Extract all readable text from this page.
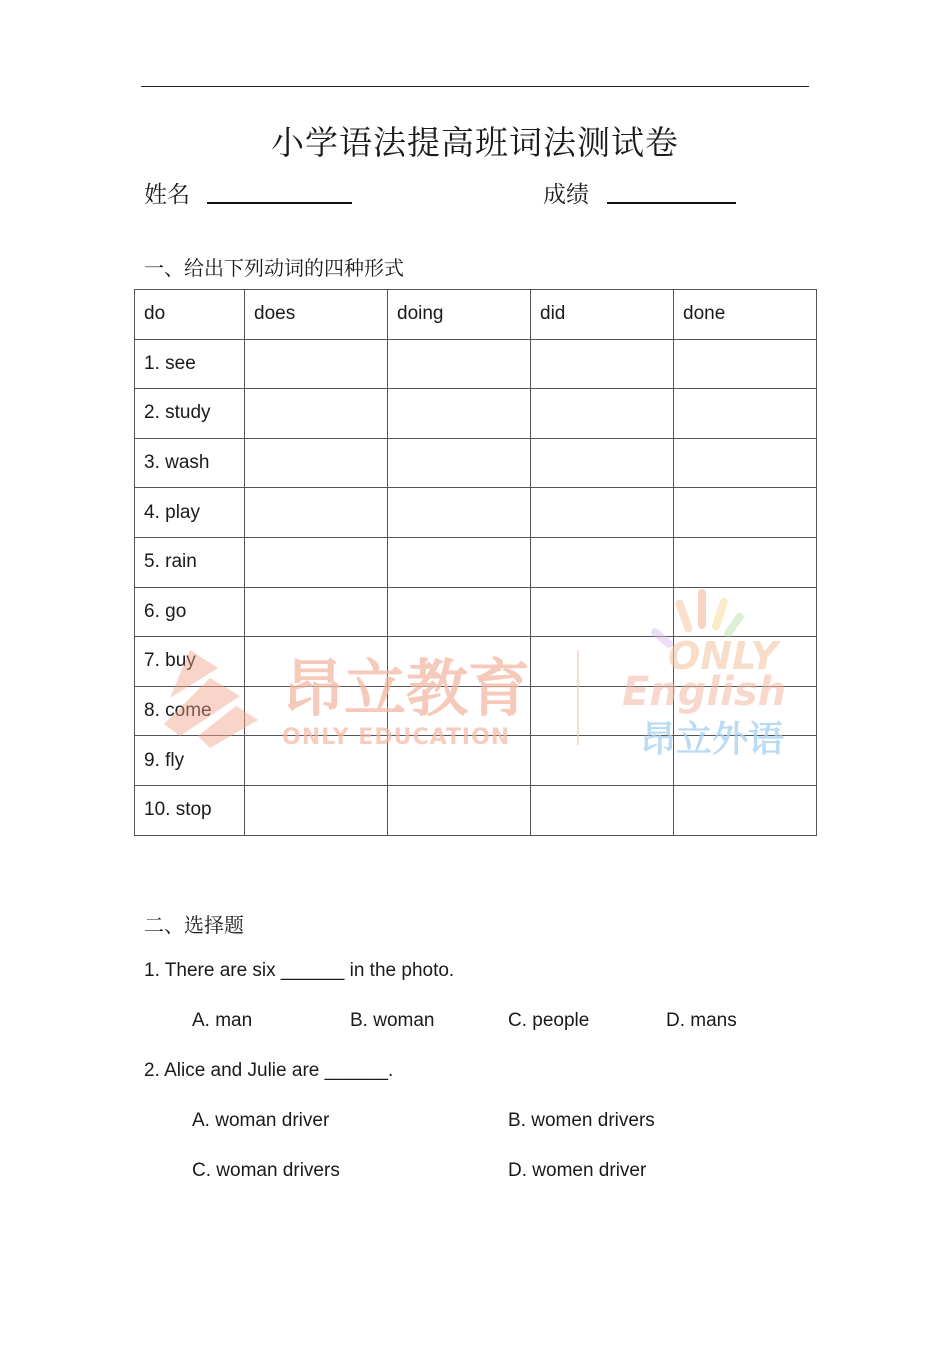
小学语法提高班词法测试卷
姓名	成绩
一、给出下列动词的四种形式
do	does	doing	did	done
1. see				
2. study				
3. wash				
4. play				
5. rain				
6. go				
7. buy				
8. come				
9. fly				
10. stop				
昂立教育
ONLY EDUCATION
ONLY
English
昂立外语
二、选择题
1. There are six ______ in the photo.
A. man	B. woman	C. people	D. mans
2. Alice and Julie are ______.
A. woman driver	B. women drivers
C. woman drivers	D. women driver
